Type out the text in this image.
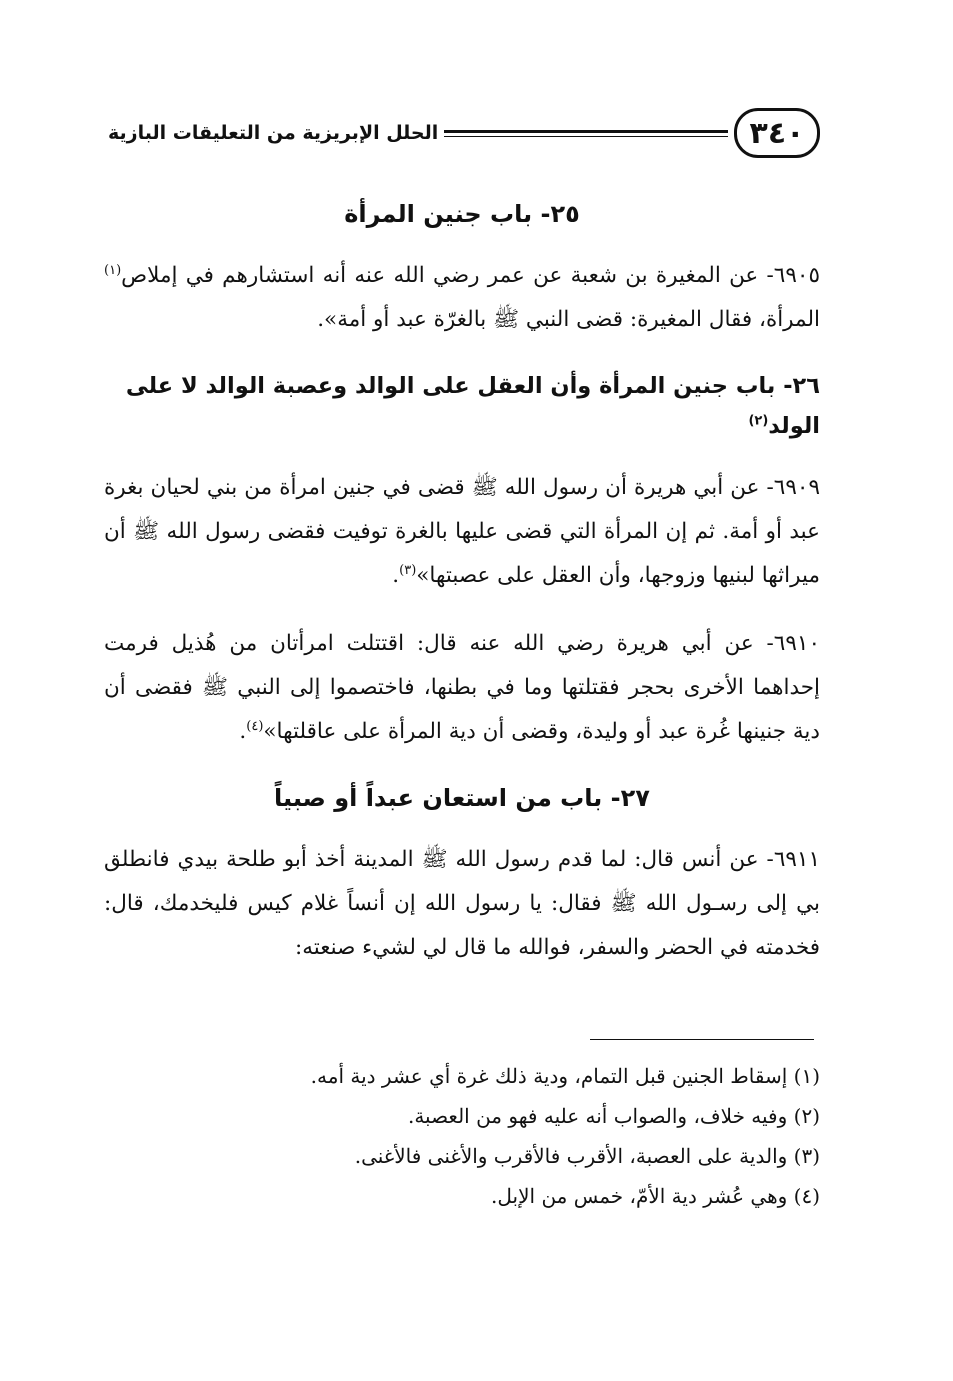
٣٤٠
الحلل الإبريزية من التعليقات البازية
٢٥- باب جنين المرأة

٦٩٠٥- عن المغيرة بن شعبة عن عمر رضي الله عنه أنه استشارهم في إملاص$^{(١)}$ المرأة، فقال المغيرة: قضى النبي ﷺ بالغرّة عبد أو أمة».

٢٦- باب جنين المرأة وأن العقل على الوالد وعصبة الوالد لا على الولد$^{(٢)}$

٦٩٠٩- عن أبي هريرة أن رسول الله ﷺ قضى في جنين امرأة من بني لحيان بغرة عبد أو أمة. ثم إن المرأة التي قضى عليها بالغرة توفيت فقضى رسول الله ﷺ أن ميراثها لبنيها وزوجها، وأن العقل على عصبتها»$^{(٣)}$.

٦٩١٠- عن أبي هريرة رضي الله عنه قال: اقتتلت امرأتان من هُذيل فرمت إحداهما الأخرى بحجر فقتلتها وما في بطنها، فاختصموا إلى النبي ﷺ فقضى أن دية جنينها غُرة عبد أو وليدة، وقضى أن دية المرأة على عاقلتها»$^{(٤)}$.

٢٧- باب من استعان عبداً أو صبياً

٦٩١١- عن أنس قال: لما قدم رسول الله ﷺ المدينة أخذ أبو طلحة بيدي فانطلق بي إلى رسـول الله ﷺ فقال: يا رسول الله إن أنساً غلام كيس فليخدمك، قال: فخدمته في الحضر والسفر، فوالله ما قال لي لشيء صنعته:

(١) إسقاط الجنين قبل التمام، ودية ذلك غرة أي عشر دية أمه.
(٢) وفيه خلاف، والصواب أنه عليه فهو من العصبة.
(٣) والدية على العصبة، الأقرب فالأقرب والأغنى فالأغنى.
(٤) وهي عُشر دية الأمّ، خمس من الإبل.
